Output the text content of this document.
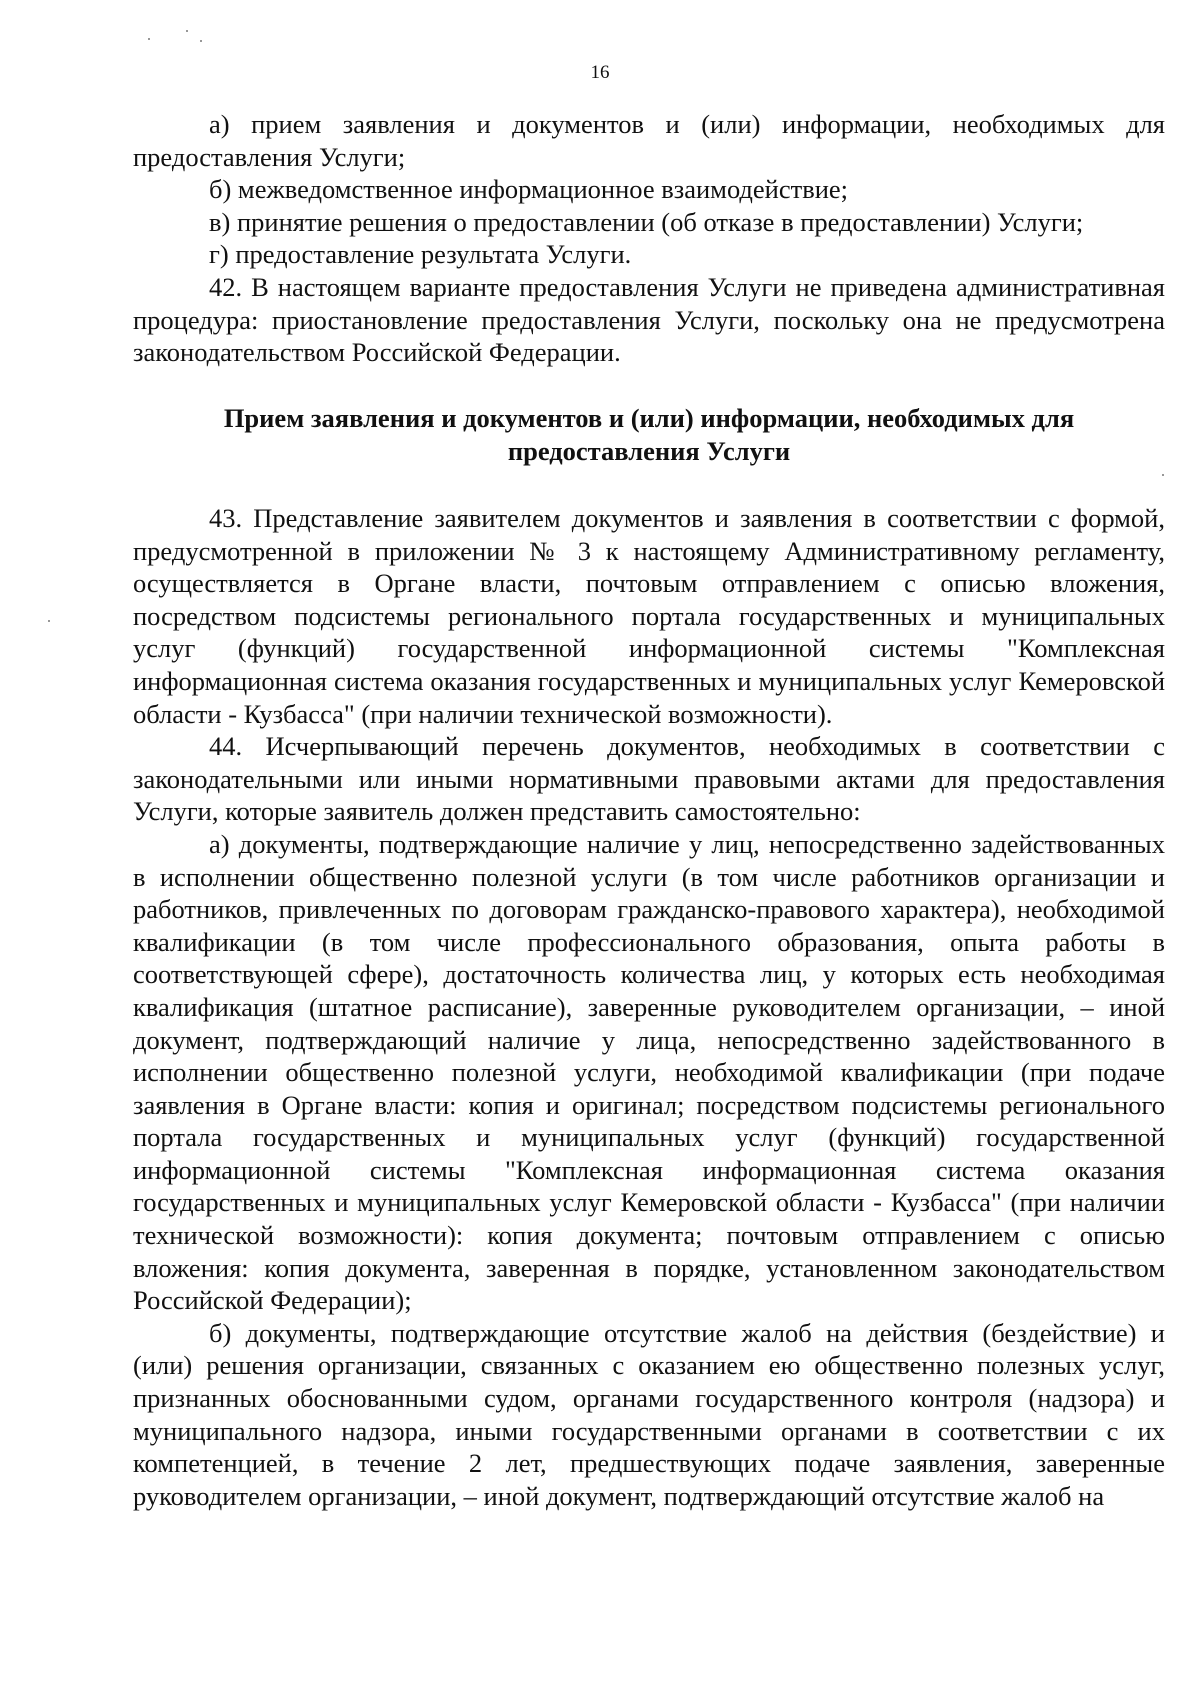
16

а) прием заявления и документов и (или) информации, необходимых для предоставления Услуги;

б) межведомственное информационное взаимодействие;

в) принятие решения о предоставлении (об отказе в предоставлении) Услуги;

г) предоставление результата Услуги.

42. В настоящем варианте предоставления Услуги не приведена административная процедура: приостановление предоставления Услуги, поскольку она не предусмотрена законодательством Российской Федерации.

Прием заявления и документов и (или) информации, необходимых для предоставления Услуги

43. Представление заявителем документов и заявления в соответствии с формой, предусмотренной в приложении № 3 к настоящему Административному регламенту, осуществляется в Органе власти, почтовым отправлением с описью вложения, посредством подсистемы регионального портала государственных и муниципальных услуг (функций) государственной информационной системы "Комплексная информационная система оказания государственных и муниципальных услуг Кемеровской области - Кузбасса" (при наличии технической возможности).

44. Исчерпывающий перечень документов, необходимых в соответствии с законодательными или иными нормативными правовыми актами для предоставления Услуги, которые заявитель должен представить самостоятельно:

а) документы, подтверждающие наличие у лиц, непосредственно задействованных в исполнении общественно полезной услуги (в том числе работников организации и работников, привлеченных по договорам гражданско-правового характера), необходимой квалификации (в том числе профессионального образования, опыта работы в соответствующей сфере), достаточность количества лиц, у которых есть необходимая квалификация (штатное расписание), заверенные руководителем организации, – иной документ, подтверждающий наличие у лица, непосредственно задействованного в исполнении общественно полезной услуги, необходимой квалификации (при подаче заявления в Органе власти: копия и оригинал; посредством подсистемы регионального портала государственных и муниципальных услуг (функций) государственной информационной системы "Комплексная информационная система оказания государственных и муниципальных услуг Кемеровской области - Кузбасса" (при наличии технической возможности): копия документа; почтовым отправлением с описью вложения: копия документа, заверенная в порядке, установленном законодательством Российской Федерации);

б) документы, подтверждающие отсутствие жалоб на действия (бездействие) и (или) решения организации, связанных с оказанием ею общественно полезных услуг, признанных обоснованными судом, органами государственного контроля (надзора) и муниципального надзора, иными государственными органами в соответствии с их компетенцией, в течение 2 лет, предшествующих подаче заявления, заверенные руководителем организации, – иной документ, подтверждающий отсутствие жалоб на
